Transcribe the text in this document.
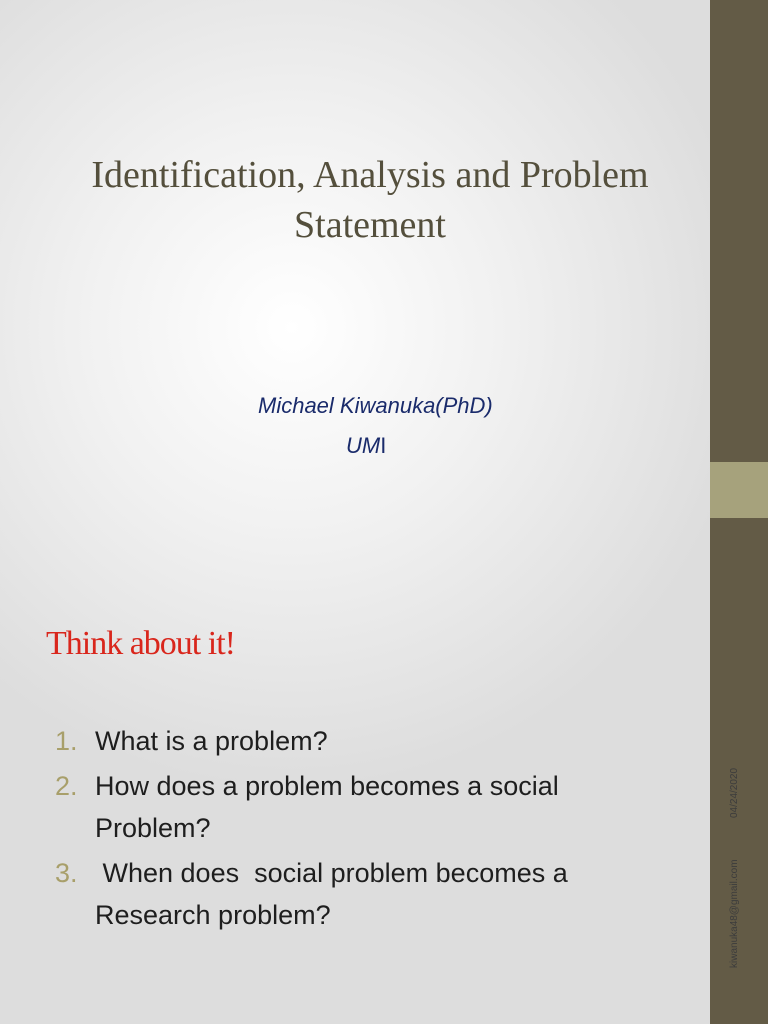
Identification, Analysis and Problem
Statement
Michael Kiwanuka(PhD)
UMI
Think about it!
1. What is a problem?
2. How does a problem becomes a social
Problem?
3. When does  social problem becomes a
Research problem?
04/24/2020
kiwanuka48@gmail.com
